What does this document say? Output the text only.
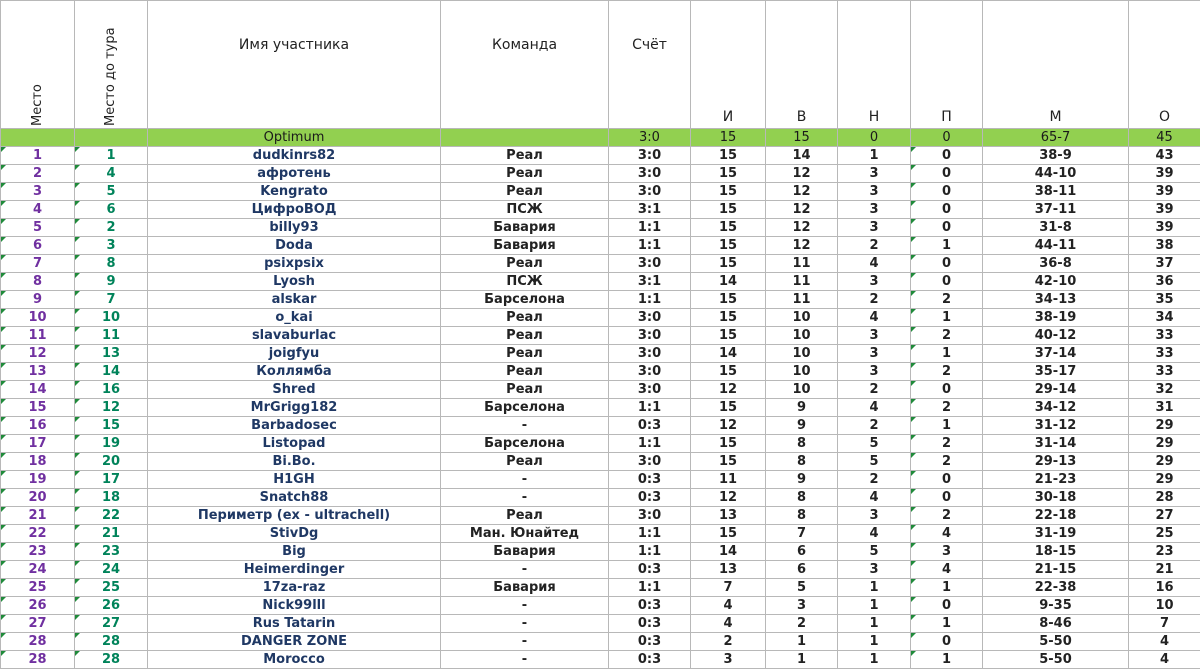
Место	Место до тура	Имя участника	Команда	Счёт	И	В	Н	П	М	О
		Optimum		3:0	15	15	0	0	65-7	45

1	1	dudkinrs82	Реал	3:0	15	14	1	0	38-9	43

2	4	афротень	Реал	3:0	15	12	3	0	44-10	39

3	5	Kengrato	Реал	3:0	15	12	3	0	38-11	39

4	6	ЦифроВОД	ПСЖ	3:1	15	12	3	0	37-11	39

5	2	billy93	Бавария	1:1	15	12	3	0	31-8	39

6	3	Doda	Бавария	1:1	15	12	2	1	44-11	38

7	8	psixpsix	Реал	3:0	15	11	4	0	36-8	37

8	9	Lyosh	ПСЖ	3:1	14	11	3	0	42-10	36

9	7	alskar	Барселона	1:1	15	11	2	2	34-13	35

10	10	o_kai	Реал	3:0	15	10	4	1	38-19	34

11	11	slavaburlac	Реал	3:0	15	10	3	2	40-12	33

12	13	joigfyu	Реал	3:0	14	10	3	1	37-14	33

13	14	Коллямба	Реал	3:0	15	10	3	2	35-17	33

14	16	Shred	Реал	3:0	12	10	2	0	29-14	32

15	12	MrGrigg182	Барселона	1:1	15	9	4	2	34-12	31

16	15	Barbadosec	-	0:3	12	9	2	1	31-12	29

17	19	Listopad	Барселона	1:1	15	8	5	2	31-14	29

18	20	Bi.Bo.	Реал	3:0	15	8	5	2	29-13	29

19	17	H1GH	-	0:3	11	9	2	0	21-23	29

20	18	Snatch88	-	0:3	12	8	4	0	30-18	28

21	22	Периметр (ex - ultrachell)	Реал	3:0	13	8	3	2	22-18	27

22	21	StivDg	Ман. Юнайтед	1:1	15	7	4	4	31-19	25

23	23	Big	Бавария	1:1	14	6	5	3	18-15	23

24	24	Heimerdinger	-	0:3	13	6	3	4	21-15	21

25	25	17za-raz	Бавария	1:1	7	5	1	1	22-38	16

26	26	Nick99lll	-	0:3	4	3	1	0	9-35	10

27	27	Rus Tatarin	-	0:3	4	2	1	1	8-46	7

28	28	DANGER ZONE	-	0:3	2	1	1	0	5-50	4

28	28	Morocco	-	0:3	3	1	1	1	5-50	4
